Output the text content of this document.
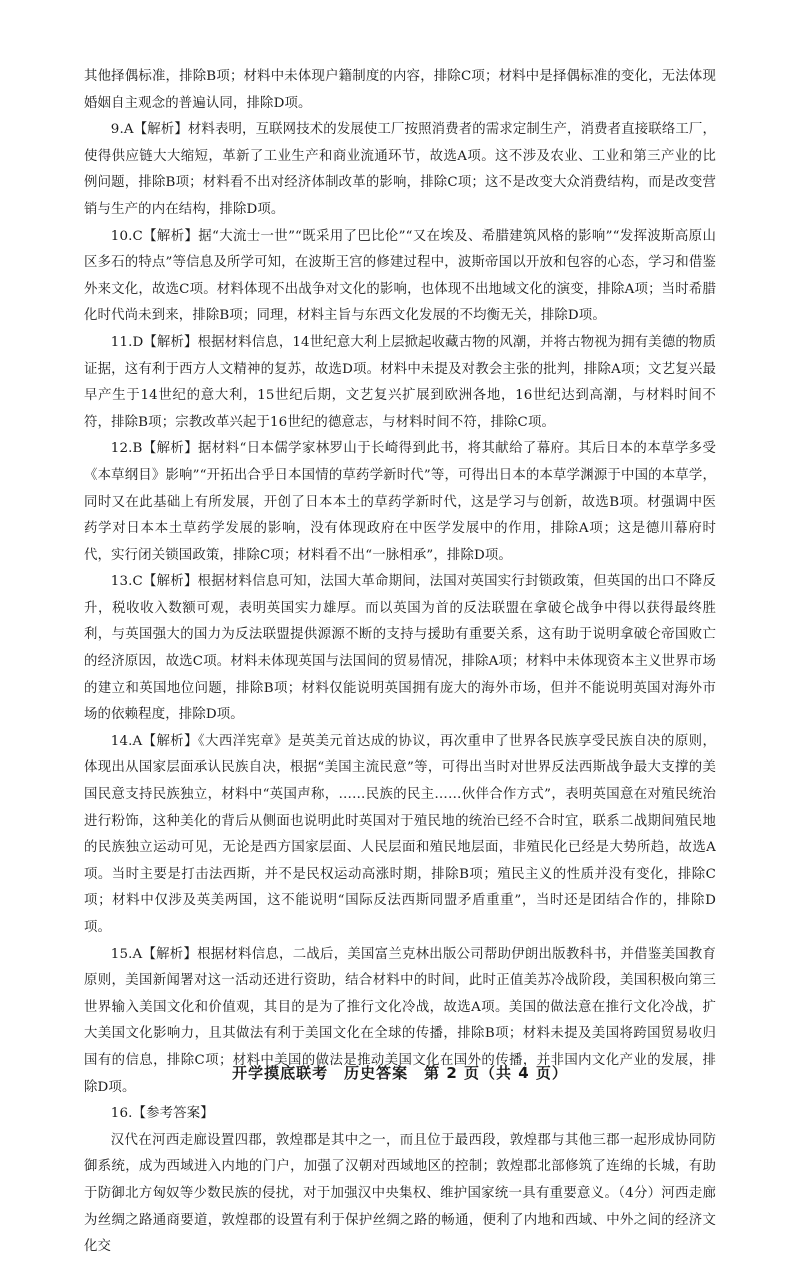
其他择偶标准，排除B项；材料中未体现户籍制度的内容，排除C项；材料中是择偶标准的变化，无法体现婚姻自主观念的普遍认同，排除D项。

9.A【解析】材料表明，互联网技术的发展使工厂按照消费者的需求定制生产，消费者直接联络工厂，使得供应链大大缩短，革新了工业生产和商业流通环节，故选A项。这不涉及农业、工业和第三产业的比例问题，排除B项；材料看不出对经济体制改革的影响，排除C项；这不是改变大众消费结构，而是改变营销与生产的内在结构，排除D项。

10.C【解析】据“大流士一世”“既采用了巴比伦”“又在埃及、希腊建筑风格的影响”“发挥波斯高原山区多石的特点”等信息及所学可知，在波斯王宫的修建过程中，波斯帝国以开放和包容的心态，学习和借鉴外来文化，故选C项。材料体现不出战争对文化的影响，也体现不出地域文化的演变，排除A项；当时希腊化时代尚未到来，排除B项；同理，材料主旨与东西文化发展的不均衡无关，排除D项。

11.D【解析】根据材料信息，14世纪意大利上层掀起收藏古物的风潮，并将古物视为拥有美德的物质证据，这有利于西方人文精神的复苏，故选D项。材料中未提及对教会主张的批判，排除A项；文艺复兴最早产生于14世纪的意大利，15世纪后期，文艺复兴扩展到欧洲各地，16世纪达到高潮，与材料时间不符，排除B项；宗教改革兴起于16世纪的德意志，与材料时间不符，排除C项。

12.B【解析】据材料“日本儒学家林罗山于长崎得到此书，将其献给了幕府。其后日本的本草学多受《本草纲目》影响”“开拓出合乎日本国情的草药学新时代”等，可得出日本的本草学渊源于中国的本草学，同时又在此基础上有所发展，开创了日本本土的草药学新时代，这是学习与创新，故选B项。材强调中医药学对日本本土草药学发展的影响，没有体现政府在中医学发展中的作用，排除A项；这是德川幕府时代，实行闭关锁国政策，排除C项；材料看不出“一脉相承”，排除D项。

13.C【解析】根据材料信息可知，法国大革命期间，法国对英国实行封锁政策，但英国的出口不降反升，税收收入数额可观，表明英国实力雄厚。而以英国为首的反法联盟在拿破仑战争中得以获得最终胜利，与英国强大的国力为反法联盟提供源源不断的支持与援助有重要关系，这有助于说明拿破仑帝国败亡的经济原因，故选C项。材料未体现英国与法国间的贸易情况，排除A项；材料中未体现资本主义世界市场的建立和英国地位问题，排除B项；材料仅能说明英国拥有庞大的海外市场，但并不能说明英国对海外市场的依赖程度，排除D项。

14.A【解析】《大西洋宪章》是英美元首达成的协议，再次重申了世界各民族享受民族自决的原则，体现出从国家层面承认民族自决，根据“美国主流民意”等，可得出当时对世界反法西斯战争最大支撑的美国民意支持民族独立，材料中“英国声称，……民族的民主……伙伴合作方式”，表明英国意在对殖民统治进行粉饰，这种美化的背后从侧面也说明此时英国对于殖民地的统治已经不合时宜，联系二战期间殖民地的民族独立运动可见，无论是西方国家层面、人民层面和殖民地层面，非殖民化已经是大势所趋，故选A项。当时主要是打击法西斯，并不是民权运动高涨时期，排除B项；殖民主义的性质并没有变化，排除C项；材料中仅涉及英美两国，这不能说明“国际反法西斯同盟矛盾重重”，当时还是团结合作的，排除D项。

15.A【解析】根据材料信息，二战后，美国富兰克林出版公司帮助伊朗出版教科书，并借鉴美国教育原则，美国新闻署对这一活动还进行资助，结合材料中的时间，此时正值美苏冷战阶段，美国积极向第三世界输入美国文化和价值观，其目的是为了推行文化冷战，故选A项。美国的做法意在推行文化冷战，扩大美国文化影响力，且其做法有利于美国文化在全球的传播，排除B项；材料未提及美国将跨国贸易收归国有的信息，排除C项；材料中美国的做法是推动美国文化在国外的传播，并非国内文化产业的发展，排除D项。

16.【参考答案】

汉代在河西走廊设置四郡，敦煌郡是其中之一，而且位于最西段，敦煌郡与其他三郡一起形成协同防御系统，成为西域进入内地的门户，加强了汉朝对西域地区的控制；敦煌郡北部修筑了连绵的长城，有助于防御北方匈奴等少数民族的侵扰，对于加强汉中央集权、维护国家统一具有重要意义。（4分）河西走廊为丝绸之路通商要道，敦煌郡的设置有利于保护丝绸之路的畅通，便利了内地和西域、中外之间的经济文化交

开学摸底联考　历史答案　第 2 页（共 4 页）
